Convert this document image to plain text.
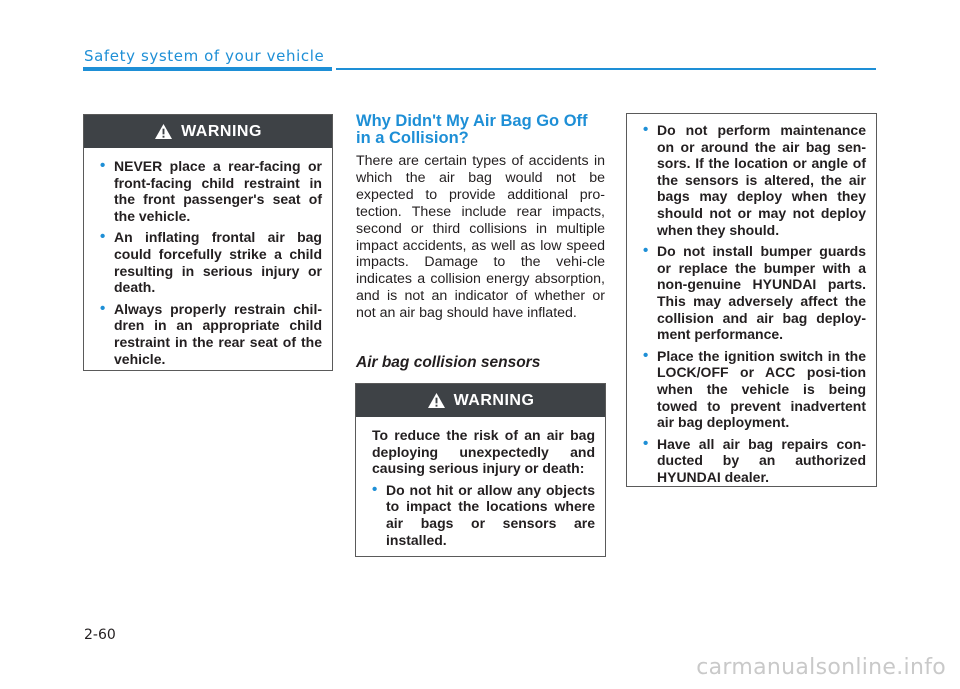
Safety system of your vehicle
WARNING
• NEVER place a rear-facing or front-facing child restraint in the front passenger's seat of the vehicle.
• An inflating frontal air bag could forcefully strike a child resulting in serious injury or death.
• Always properly restrain chil-dren in an appropriate child restraint in the rear seat of the vehicle.
Why Didn't My Air Bag Go Off in a Collision?
There are certain types of accidents in which the air bag would not be expected to provide additional pro-tection. These include rear impacts, second or third collisions in multiple impact accidents, as well as low speed impacts. Damage to the vehi-cle indicates a collision energy absorption, and is not an indicator of whether or not an air bag should have inflated.
Air bag collision sensors
WARNING
To reduce the risk of an air bag deploying unexpectedly and causing serious injury or death:
• Do not hit or allow any objects to impact the locations where air bags or sensors are installed.
• Do not perform maintenance on or around the air bag sen-sors. If the location or angle of the sensors is altered, the air bags may deploy when they should not or may not deploy when they should.
• Do not install bumper guards or replace the bumper with a non-genuine HYUNDAI parts. This may adversely affect the collision and air bag deploy-ment performance.
• Place the ignition switch in the LOCK/OFF or ACC posi-tion when the vehicle is being towed to prevent inadvertent air bag deployment.
• Have all air bag repairs con-ducted by an authorized HYUNDAI dealer.
2-60
carmanualsonline.info
